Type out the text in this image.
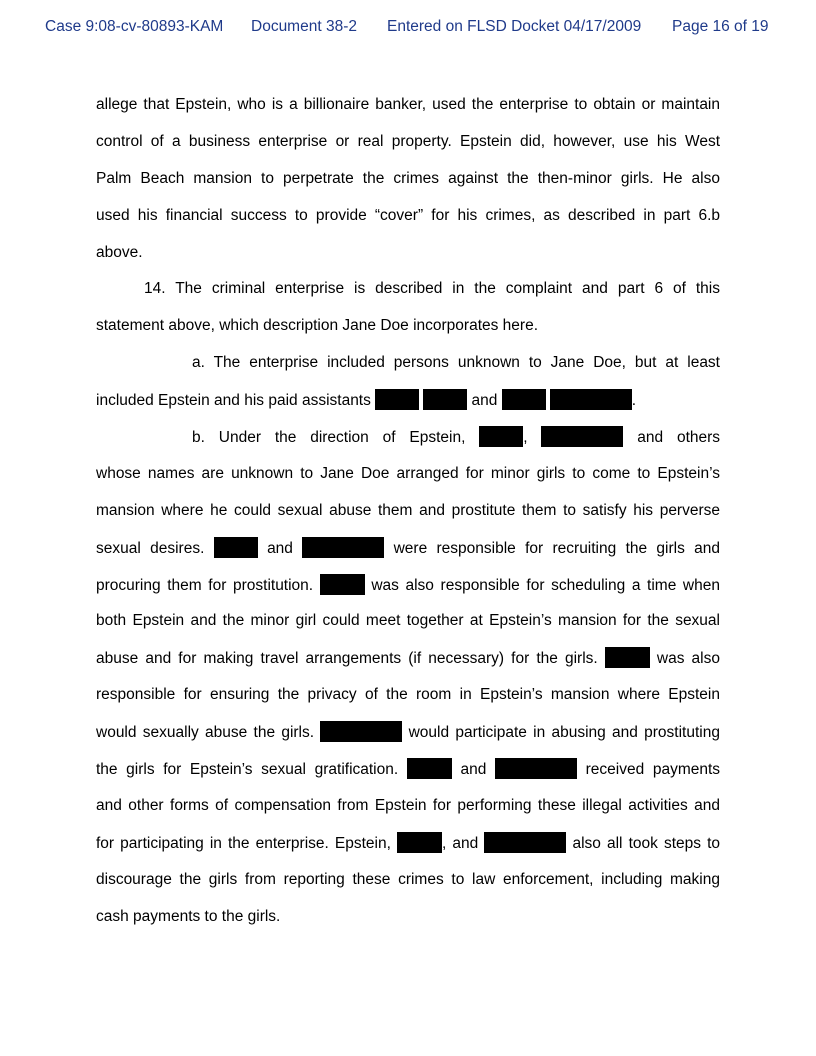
Case 9:08-cv-80893-KAM Document 38-2 Entered on FLSD Docket 04/17/2009 Page 16 of 19
allege that Epstein, who is a billionaire banker, used the enterprise to obtain or maintain
control of a business enterprise or real property. Epstein did, however, use his West
Palm Beach mansion to perpetrate the crimes against the then-minor girls. He also
used his financial success to provide “cover” for his crimes, as described in part 6.b
above.
14. The criminal enterprise is described in the complaint and part 6 of this
statement above, which description Jane Doe incorporates here.
a. The enterprise included persons unknown to Jane Doe, but at least
included Epstein and his paid assistants	and	.
b. Under the direction of Epstein,	,	and others
whose names are unknown to Jane Doe arranged for minor girls to come to Epstein’s
mansion where he could sexual abuse them and prostitute them to satisfy his perverse
sexual desires.	and	were responsible for recruiting the girls and
procuring them for prostitution.	was also responsible for scheduling a time when
both Epstein and the minor girl could meet together at Epstein’s mansion for the sexual
abuse and for making travel arrangements (if necessary) for the girls.	was also
responsible for ensuring the privacy of the room in Epstein’s mansion where Epstein
would sexually abuse the girls.	would participate in abusing and prostituting
the girls for Epstein’s sexual gratification.	and	received payments
and other forms of compensation from Epstein for performing these illegal activities and
for participating in the enterprise. Epstein,	, and	also all took steps to
discourage the girls from reporting these crimes to law enforcement, including making
cash payments to the girls.
